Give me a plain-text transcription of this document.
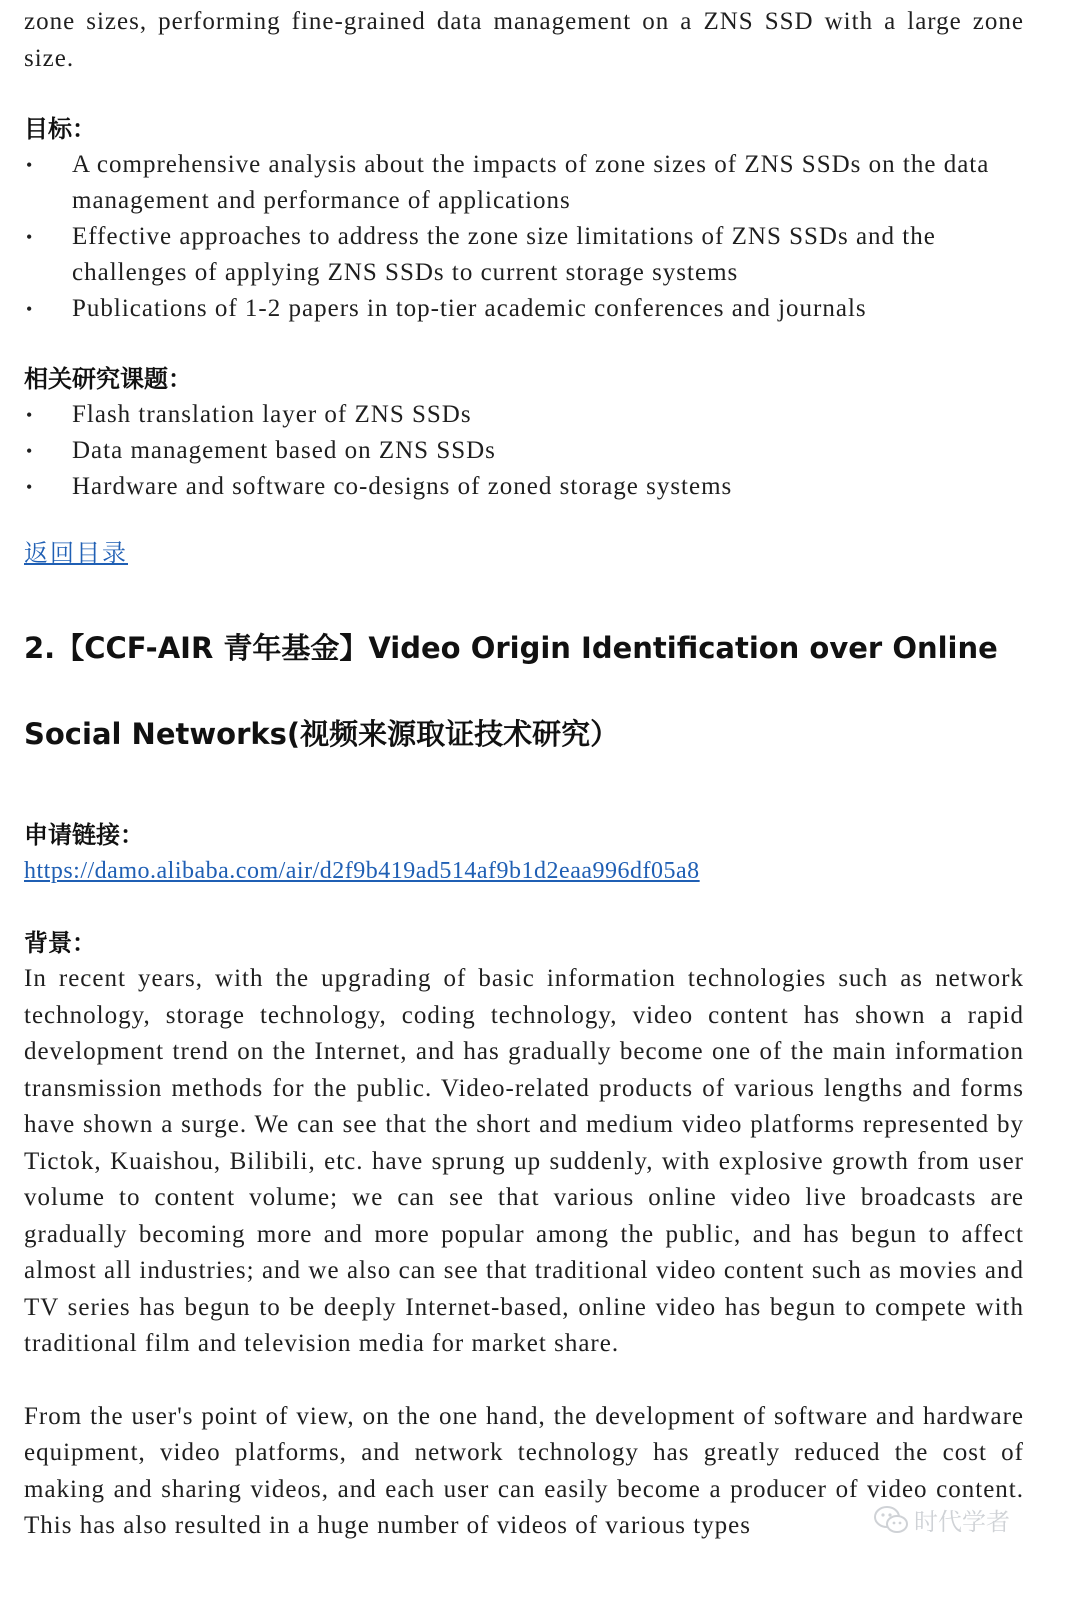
zone sizes, performing fine-grained data management on a ZNS SSD with a large zone size.

目标：

• A comprehensive analysis about the impacts of zone sizes of ZNS SSDs on the data management and performance of applications
• Effective approaches to address the zone size limitations of ZNS SSDs and the challenges of applying ZNS SSDs to current storage systems
• Publications of 1-2 papers in top-tier academic conferences and journals

相关研究课题：

• Flash translation layer of ZNS SSDs
• Data management based on ZNS SSDs
• Hardware and software co-designs of zoned storage systems
返回目录
2.【CCF-AIR 青年基金】Video Origin Identification over Online
Social Networks(视频来源取证技术研究）

申请链接：

https://damo.alibaba.com/air/d2f9b419ad514af9b1d2eaa996df05a8

背景：

In recent years, with the upgrading of basic information technologies such as network technology, storage technology, coding technology, video content has shown a rapid development trend on the Internet, and has gradually become one of the main information transmission methods for the public. Video-related products of various lengths and forms have shown a surge. We can see that the short and medium video platforms represented by Tictok, Kuaishou, Bilibili, etc. have sprung up suddenly, with explosive growth from user volume to content volume; we can see that various online video live broadcasts are gradually becoming more and more popular among the public, and has begun to affect almost all industries; and we also can see that traditional video content such as movies and TV series has begun to be deeply Internet-based, online video has begun to compete with traditional film and television media for market share.

From the user's point of view, on the one hand, the development of software and hardware equipment, video platforms, and network technology has greatly reduced the cost of making and sharing videos, and each user can easily become a producer of video content. This has also resulted in a huge number of videos of various types	时代学者
